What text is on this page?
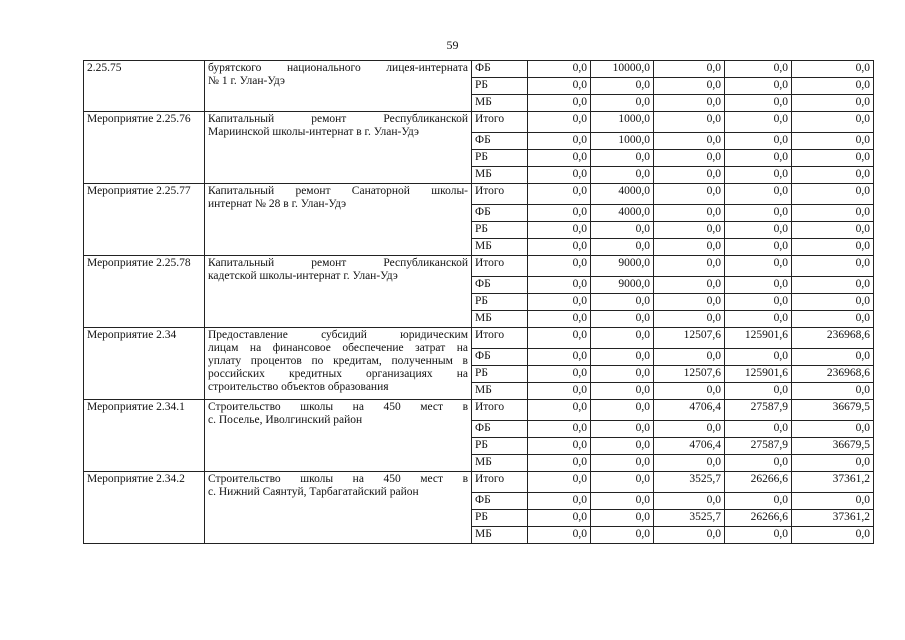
59
2.25.75	бурятского национального лицея-интерната
№ 1 г. Улан-Удэ	ФБ	0,0	10000,0	0,0	0,0	0,0
		РБ	0,0	0,0	0,0	0,0	0,0
		МБ	0,0	0,0	0,0	0,0	0,0
Мероприятие 2.25.76	Капитальный ремонт Республиканской
Мариинской школы-интернат в г. Улан-Удэ	Итого	0,0	1000,0	0,0	0,0	0,0
		ФБ	0,0	1000,0	0,0	0,0	0,0
		РБ	0,0	0,0	0,0	0,0	0,0
		МБ	0,0	0,0	0,0	0,0	0,0
Мероприятие 2.25.77	Капитальный ремонт Санаторной школы-
интернат № 28 в г. Улан-Удэ	Итого	0,0	4000,0	0,0	0,0	0,0
		ФБ	0,0	4000,0	0,0	0,0	0,0
		РБ	0,0	0,0	0,0	0,0	0,0
		МБ	0,0	0,0	0,0	0,0	0,0
Мероприятие 2.25.78	Капитальный ремонт Республиканской
кадетской школы-интернат г. Улан-Удэ	Итого	0,0	9000,0	0,0	0,0	0,0
		ФБ	0,0	9000,0	0,0	0,0	0,0
		РБ	0,0	0,0	0,0	0,0	0,0
		МБ	0,0	0,0	0,0	0,0	0,0
Мероприятие 2.34	Предоставление субсидий юридическим
лицам на финансовое обеспечение затрат на
уплату процентов по кредитам, полученным в
российских кредитных организациях на
строительство объектов образования	Итого	0,0	0,0	12507,6	125901,6	236968,6
		ФБ	0,0	0,0	0,0	0,0	0,0
		РБ	0,0	0,0	12507,6	125901,6	236968,6
		МБ	0,0	0,0	0,0	0,0	0,0
Мероприятие 2.34.1	Строительство школы на 450 мест в
с. Поселье, Иволгинский район	Итого	0,0	0,0	4706,4	27587,9	36679,5
		ФБ	0,0	0,0	0,0	0,0	0,0
		РБ	0,0	0,0	4706,4	27587,9	36679,5
		МБ	0,0	0,0	0,0	0,0	0,0
Мероприятие 2.34.2	Строительство школы на 450 мест в
с. Нижний Саянтуй, Тарбагатайский район	Итого	0,0	0,0	3525,7	26266,6	37361,2
		ФБ	0,0	0,0	0,0	0,0	0,0
		РБ	0,0	0,0	3525,7	26266,6	37361,2
		МБ	0,0	0,0	0,0	0,0	0,0
